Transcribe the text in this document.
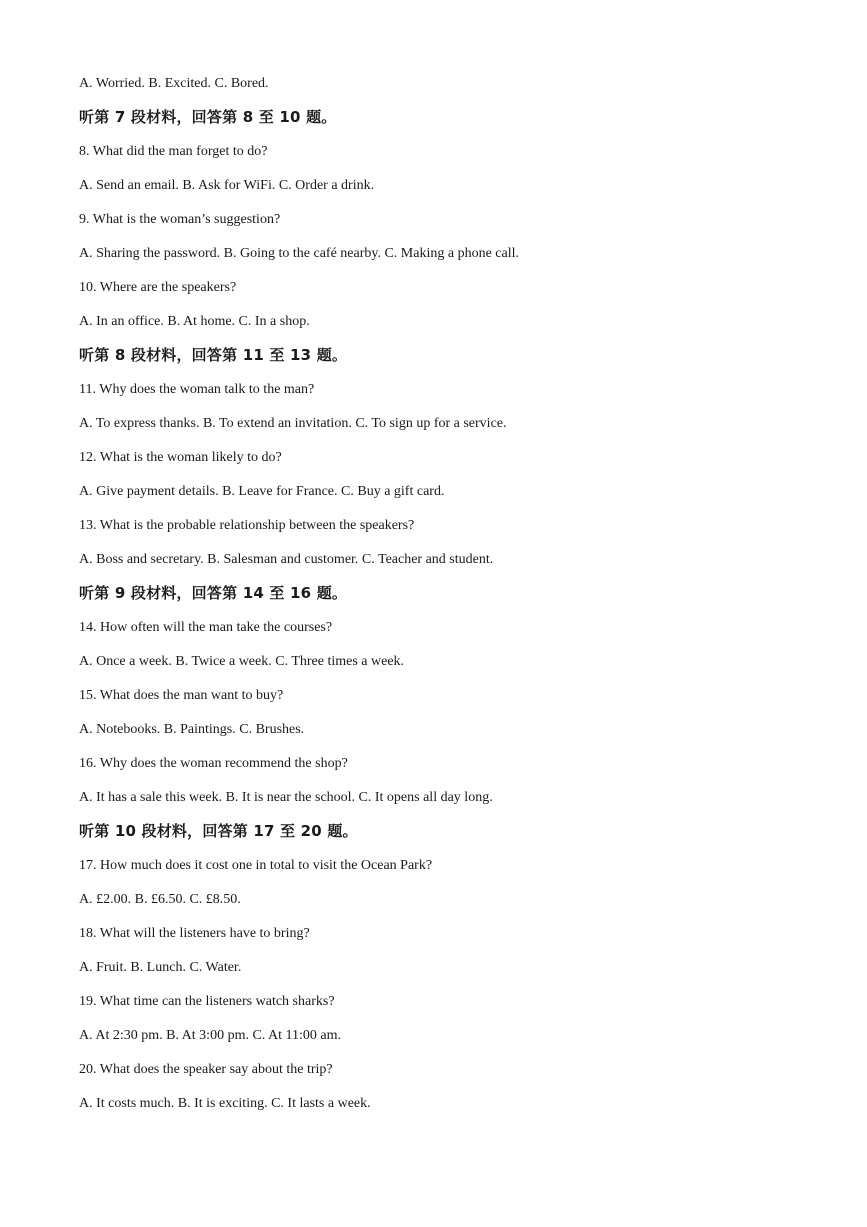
A. Worried. B. Excited. C. Bored.
听第 7 段材料，回答第 8 至 10 题。
8. What did the man forget to do?
A. Send an email. B. Ask for WiFi. C. Order a drink.
9. What is the woman’s suggestion?
A. Sharing the password. B. Going to the café nearby. C. Making a phone call.
10. Where are the speakers?
A. In an office. B. At home. C. In a shop.
听第 8 段材料，回答第 11 至 13 题。
11. Why does the woman talk to the man?
A. To express thanks. B. To extend an invitation. C. To sign up for a service.
12. What is the woman likely to do?
A. Give payment details. B. Leave for France. C. Buy a gift card.
13. What is the probable relationship between the speakers?
A. Boss and secretary. B. Salesman and customer. C. Teacher and student.
听第 9 段材料，回答第 14 至 16 题。
14. How often will the man take the courses?
A. Once a week. B. Twice a week. C. Three times a week.
15. What does the man want to buy?
A. Notebooks. B. Paintings. C. Brushes.
16. Why does the woman recommend the shop?
A. It has a sale this week. B. It is near the school. C. It opens all day long.
听第 10 段材料，回答第 17 至 20 题。
17. How much does it cost one in total to visit the Ocean Park?
A. £2.00. B. £6.50. C. £8.50.
18. What will the listeners have to bring?
A. Fruit. B. Lunch. C. Water.
19. What time can the listeners watch sharks?
A. At 2:30 pm. B. At 3:00 pm. C. At 11:00 am.
20. What does the speaker say about the trip?
A. It costs much. B. It is exciting. C. It lasts a week.
